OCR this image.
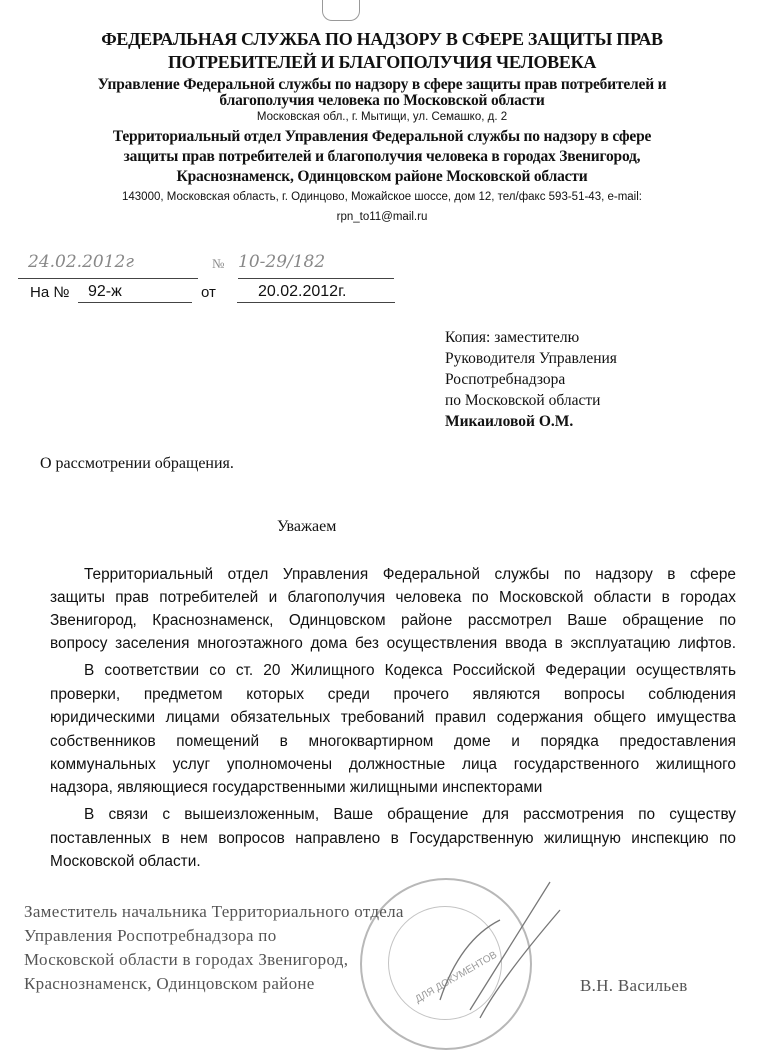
ФЕДЕРАЛЬНАЯ СЛУЖБА ПО НАДЗОРУ В СФЕРЕ ЗАЩИТЫ ПРАВ
ПОТРЕБИТЕЛЕЙ И БЛАГОПОЛУЧИЯ ЧЕЛОВЕКА
Управление Федеральной службы по надзору в сфере защиты прав потребителей и
благополучия человека по Московской области
Московская обл., г. Мытищи, ул. Семашко, д. 2
Территориальный отдел Управления Федеральной службы по надзору в сфере
защиты прав потребителей и благополучия человека в городах Звенигород,
Краснознаменск, Одинцовском районе Московской области
143000, Московская область, г. Одинцово, Можайское шоссе, дом 12, тел/факс 593-51-43, e-mail:
rpn_to11@mail.ru
24.02.2012г	№ 10-29/182
На № 92-ж	от	20.02.2012г.
Копия: заместителю
Руководителя Управления
Роспотребнадзора
по Московской области
Микаиловой О.М.
О рассмотрении обращения.
Уважаем
Территориальный отдел Управления Федеральной службы по надзору в сфере
защиты прав потребителей и благополучия человека по Московской области в городах
Звенигород, Краснознаменск, Одинцовском районе рассмотрел Ваше обращение по
вопросу заселения многоэтажного дома без осуществления ввода в эксплуатацию лифтов.
В соответствии со ст. 20 Жилищного Кодекса Российской Федерации осуществлять
проверки, предметом которых среди прочего являются вопросы соблюдения
юридическими лицами обязательных требований правил содержания общего имущества
собственников помещений в многоквартирном доме и порядка предоставления
коммунальных услуг уполномочены должностные лица государственного жилищного
надзора, являющиеся государственными жилищными инспекторами
В связи с вышеизложенным, Ваше обращение для рассмотрения по существу
поставленных в нем вопросов направлено в Государственную жилищную инспекцию по
Московской области.
ДЛЯ ДОКУМЕНТОВ
Заместитель начальника Территориального отдела
Управления Роспотребнадзора по
Московской области в городах Звенигород,
Краснознаменск, Одинцовском районе	В.Н. Васильев
